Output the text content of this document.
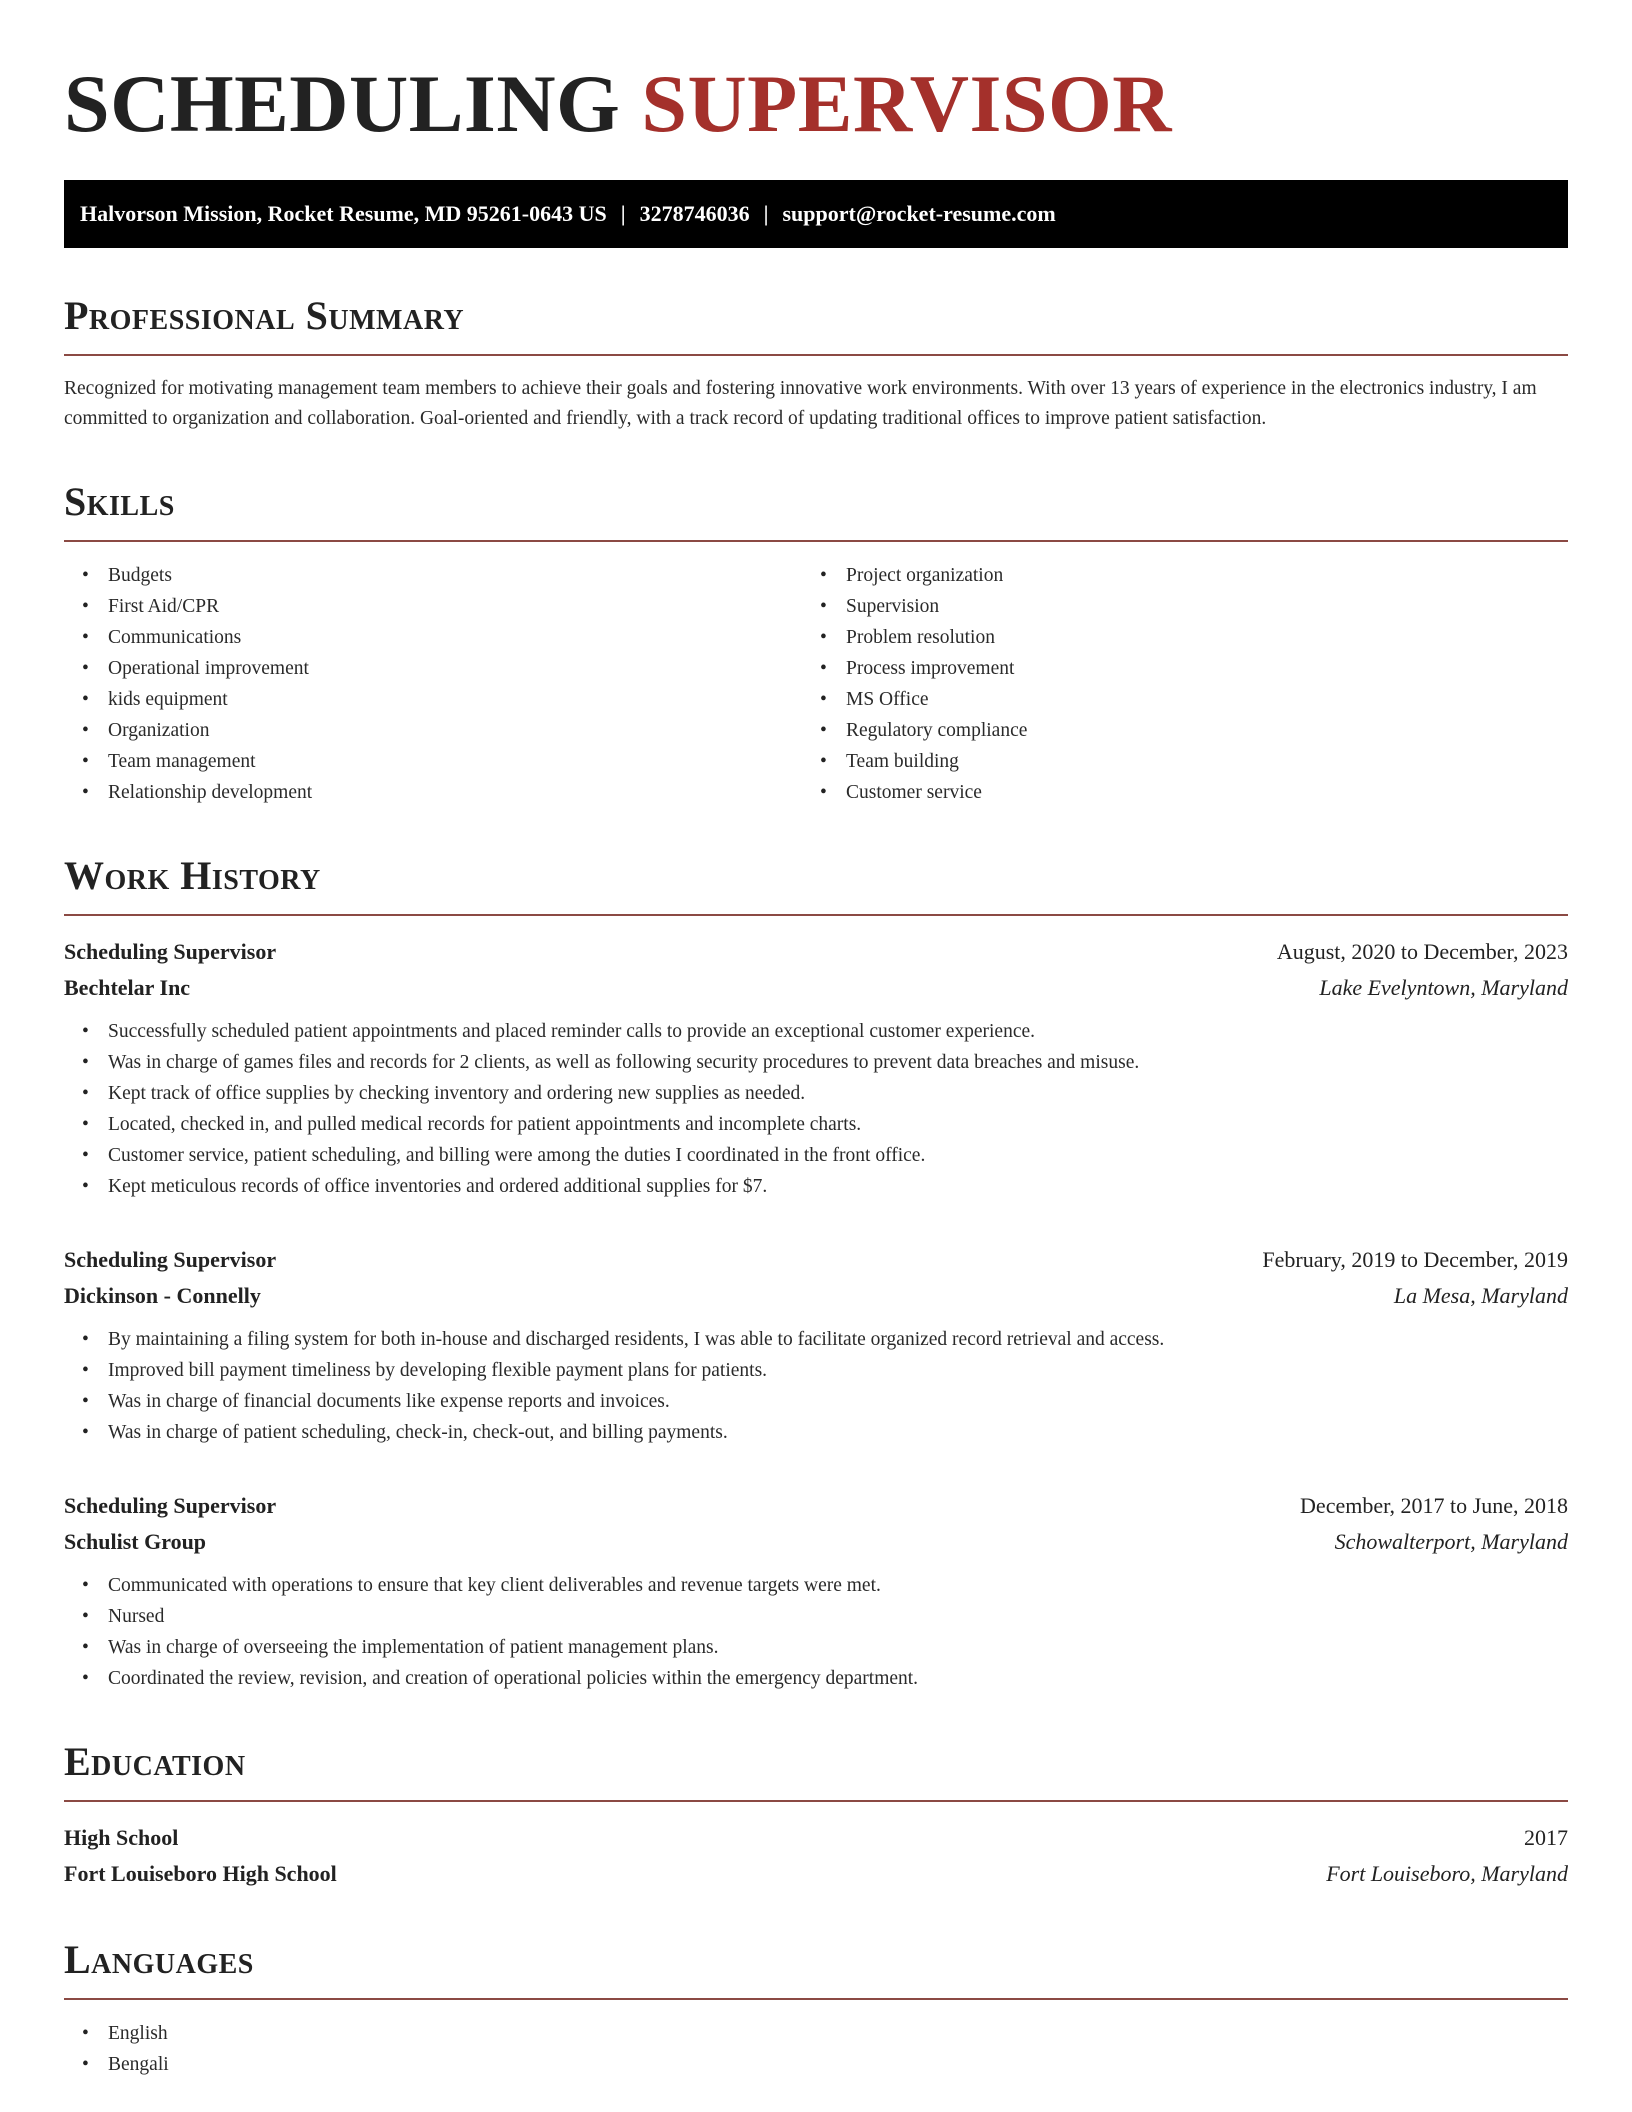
SCHEDULING SUPERVISOR
Halvorson Mission, Rocket Resume, MD 95261-0643 US | 3278746036 | support@rocket-resume.com
Professional Summary

Recognized for motivating management team members to achieve their goals and fostering innovative work environments. With over 13 years of experience in the electronics industry, I am committed to organization and collaboration. Goal-oriented and friendly, with a track record of updating traditional offices to improve patient satisfaction.

Skills
• Budgets
• First Aid/CPR
• Communications
• Operational improvement
• kids equipment
• Organization
• Team management
• Relationship development
• Project organization
• Supervision
• Problem resolution
• Process improvement
• MS Office
• Regulatory compliance
• Team building
• Customer service
Work History
Scheduling Supervisor	August, 2020 to December, 2023
Bechtelar Inc	Lake Evelyntown, Maryland
• Successfully scheduled patient appointments and placed reminder calls to provide an exceptional customer experience.
• Was in charge of games files and records for 2 clients, as well as following security procedures to prevent data breaches and misuse.
• Kept track of office supplies by checking inventory and ordering new supplies as needed.
• Located, checked in, and pulled medical records for patient appointments and incomplete charts.
• Customer service, patient scheduling, and billing were among the duties I coordinated in the front office.
• Kept meticulous records of office inventories and ordered additional supplies for $7.
Scheduling Supervisor	February, 2019 to December, 2019
Dickinson - Connelly	La Mesa, Maryland
• By maintaining a filing system for both in-house and discharged residents, I was able to facilitate organized record retrieval and access.
• Improved bill payment timeliness by developing flexible payment plans for patients.
• Was in charge of financial documents like expense reports and invoices.
• Was in charge of patient scheduling, check-in, check-out, and billing payments.
Scheduling Supervisor	December, 2017 to June, 2018
Schulist Group	Schowalterport, Maryland
• Communicated with operations to ensure that key client deliverables and revenue targets were met.
• Nursed
• Was in charge of overseeing the implementation of patient management plans.
• Coordinated the review, revision, and creation of operational policies within the emergency department.
Education
High School	2017
Fort Louiseboro High School	Fort Louiseboro, Maryland
Languages
• English
• Bengali
